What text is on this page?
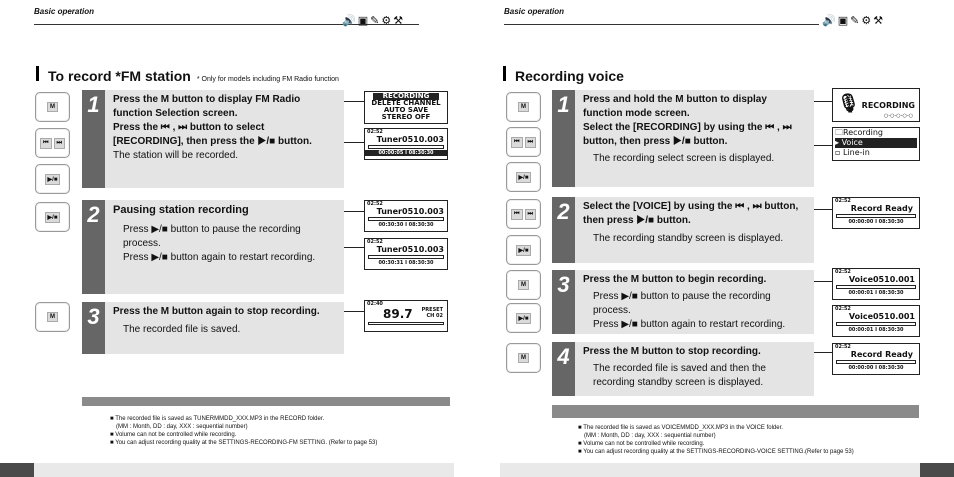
Basic operation
🔊 ▣ ✎ ⚙ ⚒
To record *FM station * Only for models including FM Radio function
M
⏮	⏭
▶/■
▶/■
M
1	Press the M button to display FM Radio function Selection screen.
Press the ⏮ , ⏭ button to select [RECORDING], then press the ▶/■ button.
The station will be recorded.
2	Pausing station recording
Press ▶/■ button to pause the recording process.
Press ▶/■ button again to restart recording.
3	Press the M button again to stop recording.
The recorded file is saved.
RECORDING
DELETE CHANNEL
AUTO SAVE
STEREO OFF
02:52
Tuner0510.003
00:00:05 I 08:30:30
02:52
Tuner0510.003
00:30:30 I 08:30:30
02:52
Tuner0510.003
00:30:31 I 08:30:30
02:40
89.7 PRESET
CH 02
■ The recorded file is saved as TUNERMMDD_XXX.MP3 in the RECORD folder.
(MM : Month, DD : day, XXX : sequential number)
■ Volume can not be controlled while recording.
■ You can adjust recording quality at the SETTINGS-RECORDING-FM SETTING. (Refer to page 53)
Basic operation
🔊 ▣ ✎ ⚙ ⚒
Recording voice
M
⏮	⏭
▶/■
⏮	⏭
▶/■
M
▶/■
M
1	Press and hold the M button to display function mode screen.
Select the [RECORDING] by using the ⏮ , ⏭ button, then press ▶/■ button.
The recording select screen is displayed.
2	Select the [VOICE] by using the ⏮ , ⏭ button, then press ▶/■ button.
The recording standby screen is displayed.
3	Press the M button to begin recording.
Press ▶/■ button to pause the recording process.
Press ▶/■ button again to restart recording.
4	Press the M button to stop recording.
The recorded file is saved and then the recording standby screen is displayed.
🎙 RECORDING
○-○-○-○-○
🗀Recording
▸ Voice
▫ Line-in
02:52
Record Ready
00:00:00 I 08:30:30
02:52
Voice0510.001
00:00:01 I 08:30:30
02:52
Voice0510.001
00:00:01 I 08:30:30
02:52
Record Ready
00:00:00 I 08:30:30
■ The recorded file is saved as VOICEMMDD_XXX.MP3 in the VOICE folder.
(MM : Month, DD : day, XXX : sequential number)
■ Volume can not be controlled while recording.
■ You can adjust recording quality at the SETTINGS-RECORDING-VOICE SETTING.(Refer to page 53)
